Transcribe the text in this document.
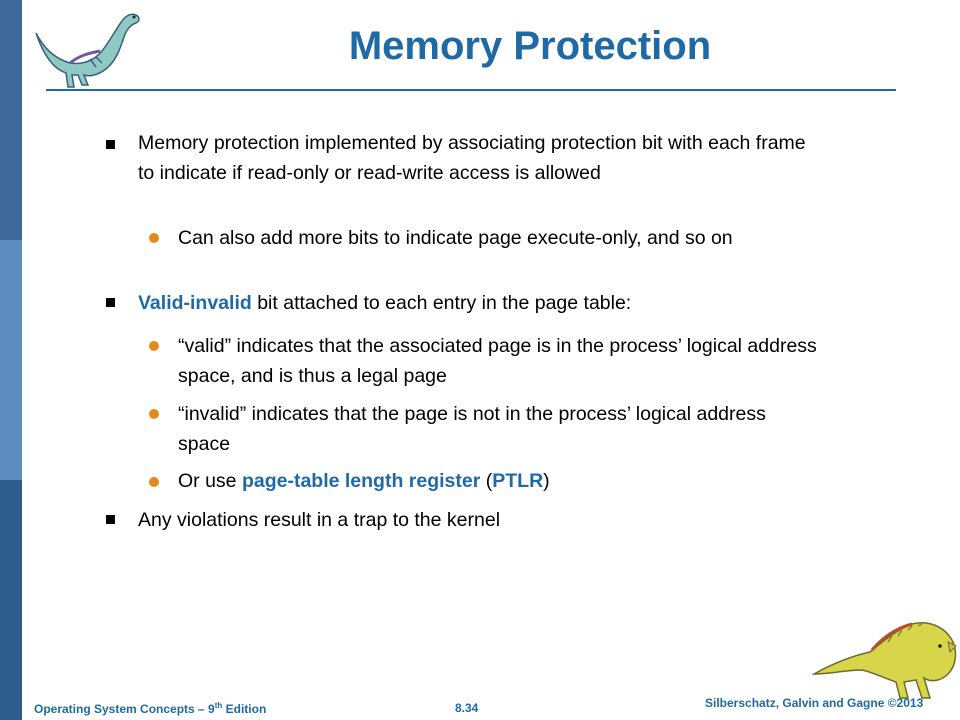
Memory Protection
Memory protection implemented by associating protection bit with each frame to indicate if read-only or read-write access is allowed
Can also add more bits to indicate page execute-only, and so on
Valid-invalid bit attached to each entry in the page table:
“valid” indicates that the associated page is in the process’ logical address space, and is thus a legal page
“invalid” indicates that the page is not in the process’ logical address space
Or use page-table length register (PTLR)
Any violations result in a trap to the kernel
Operating System Concepts – 9th Edition	8.34	Silberschatz, Galvin and Gagne ©2013
